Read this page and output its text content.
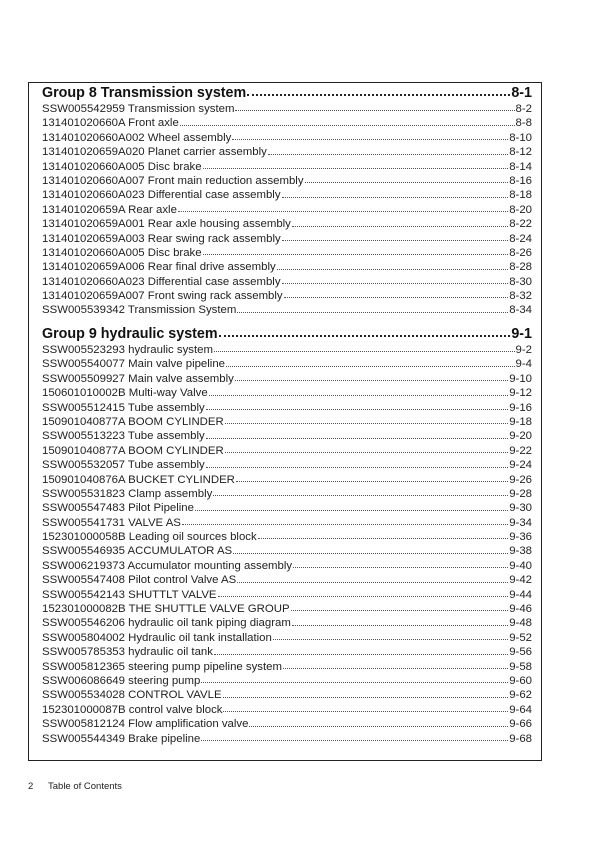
Group 8 Transmission system	8-1
SSW005542959 Transmission system	8-2
131401020660A Front axle	8-8
131401020660A002 Wheel assembly	8-10
131401020659A020 Planet carrier assembly	8-12
131401020660A005 Disc brake	8-14
131401020660A007 Front main reduction assembly	8-16
131401020660A023 Differential case assembly	8-18
131401020659A Rear axle	8-20
131401020659A001 Rear axle housing assembly	8-22
131401020659A003 Rear swing rack assembly	8-24
131401020660A005 Disc brake	8-26
131401020659A006 Rear final drive assembly	8-28
131401020660A023 Differential case assembly	8-30
131401020659A007 Front swing rack assembly	8-32
SSW005539342 Transmission System	8-34
Group 9 hydraulic system	9-1
SSW005523293 hydraulic system	9-2
SSW005540077 Main valve pipeline	9-4
SSW005509927 Main valve assembly	9-10
150601010002B Multi-way Valve	9-12
SSW005512415 Tube assembly	9-16
150901040877A BOOM CYLINDER	9-18
SSW005513223 Tube assembly	9-20
150901040877A BOOM CYLINDER	9-22
SSW005532057 Tube assembly	9-24
150901040876A BUCKET CYLINDER	9-26
SSW005531823 Clamp assembly	9-28
SSW005547483 Pilot Pipeline	9-30
SSW005541731 VALVE AS	9-34
152301000058B Leading oil sources block	9-36
SSW005546935 ACCUMULATOR AS	9-38
SSW006219373 Accumulator mounting assembly	9-40
SSW005547408 Pilot control Valve AS	9-42
SSW005542143 SHUTTLT VALVE	9-44
152301000082B THE SHUTTLE VALVE GROUP	9-46
SSW005546206 hydraulic oil tank piping diagram	9-48
SSW005804002 Hydraulic oil tank installation	9-52
SSW005785353 hydraulic oil tank	9-56
SSW005812365 steering pump pipeline system	9-58
SSW006086649 steering pump	9-60
SSW005534028 CONTROL VAVLE	9-62
152301000087B control valve block	9-64
SSW005812124 Flow amplification valve	9-66
SSW005544349 Brake pipeline	9-68
2 Table of Contents
